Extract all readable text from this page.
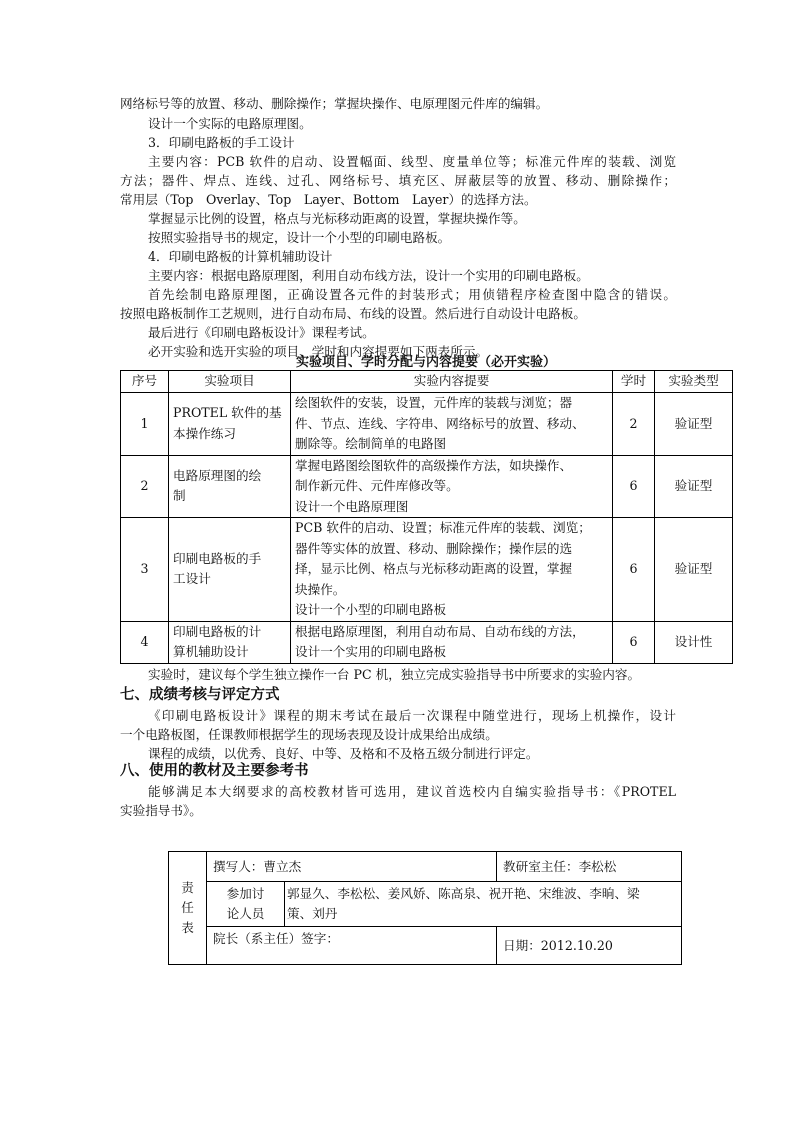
网络标号等的放置、移动、删除操作；掌握块操作、电原理图元件库的编辑。
设计一个实际的电路原理图。
3．印刷电路板的手工设计
主要内容：PCB 软件的启动、设置幅面、线型、度量单位等；标准元件库的装载、浏览
方法；器件、焊点、连线、过孔、网络标号、填充区、屏蔽层等的放置、移动、删除操作；
常用层（Top　Overlay、Top　Layer、Bottom　Layer）的选择方法。
掌握显示比例的设置，格点与光标移动距离的设置，掌握块操作等。
按照实验指导书的规定，设计一个小型的印刷电路板。
4．印刷电路板的计算机辅助设计
主要内容：根据电路原理图，利用自动布线方法，设计一个实用的印刷电路板。
首先绘制电路原理图，正确设置各元件的封装形式；用侦错程序检查图中隐含的错误。
按照电路板制作工艺规则，进行自动布局、布线的设置。然后进行自动设计电路板。
最后进行《印刷电路板设计》课程考试。
必开实验和选开实验的项目、学时和内容提要如下两表所示。
实验项目、学时分配与内容提要（必开实验）
序号	实验项目	实验内容提要	学时	实验类型
1	PROTEL 软件的基
本操作练习	绘图软件的安装，设置，元件库的装载与浏览；器
件、节点、连线、字符串、网络标号的放置、移动、
删除等。绘制简单的电路图	2	验证型
2	电路原理图的绘
制	掌握电路图绘图软件的高级操作方法，如块操作、
制作新元件、元件库修改等。
设计一个电路原理图	6	验证型
3	印刷电路板的手
工设计	PCB 软件的启动、设置；标准元件库的装载、浏览；
器件等实体的放置、移动、删除操作；操作层的选
择，显示比例、格点与光标移动距离的设置，掌握
块操作。
设计一个小型的印刷电路板	6	验证型
4	印刷电路板的计
算机辅助设计	根据电路原理图，利用自动布局、自动布线的方法，
设计一个实用的印刷电路板	6	设计性
实验时，建议每个学生独立操作一台 PC 机，独立完成实验指导书中所要求的实验内容。
七、成绩考核与评定方式
《印刷电路板设计》课程的期末考试在最后一次课程中随堂进行，现场上机操作，设计
一个电路板图，任课教师根据学生的现场表现及设计成果给出成绩。
课程的成绩，以优秀、良好、中等、及格和不及格五级分制进行评定。
八、使用的教材及主要参考书
能够满足本大纲要求的高校教材皆可选用，建议首选校内自编实验指导书：《PROTEL
实验指导书》。
责
任
表	撰写人：曹立杰		教研室主任：李松松

	参加讨
论人员	郭显久、李松松、姜风娇、陈高泉、祝开艳、宋维波、李晌、梁
策、刘丹	

	院长（系主任）签字：		日期：2012.10.20
